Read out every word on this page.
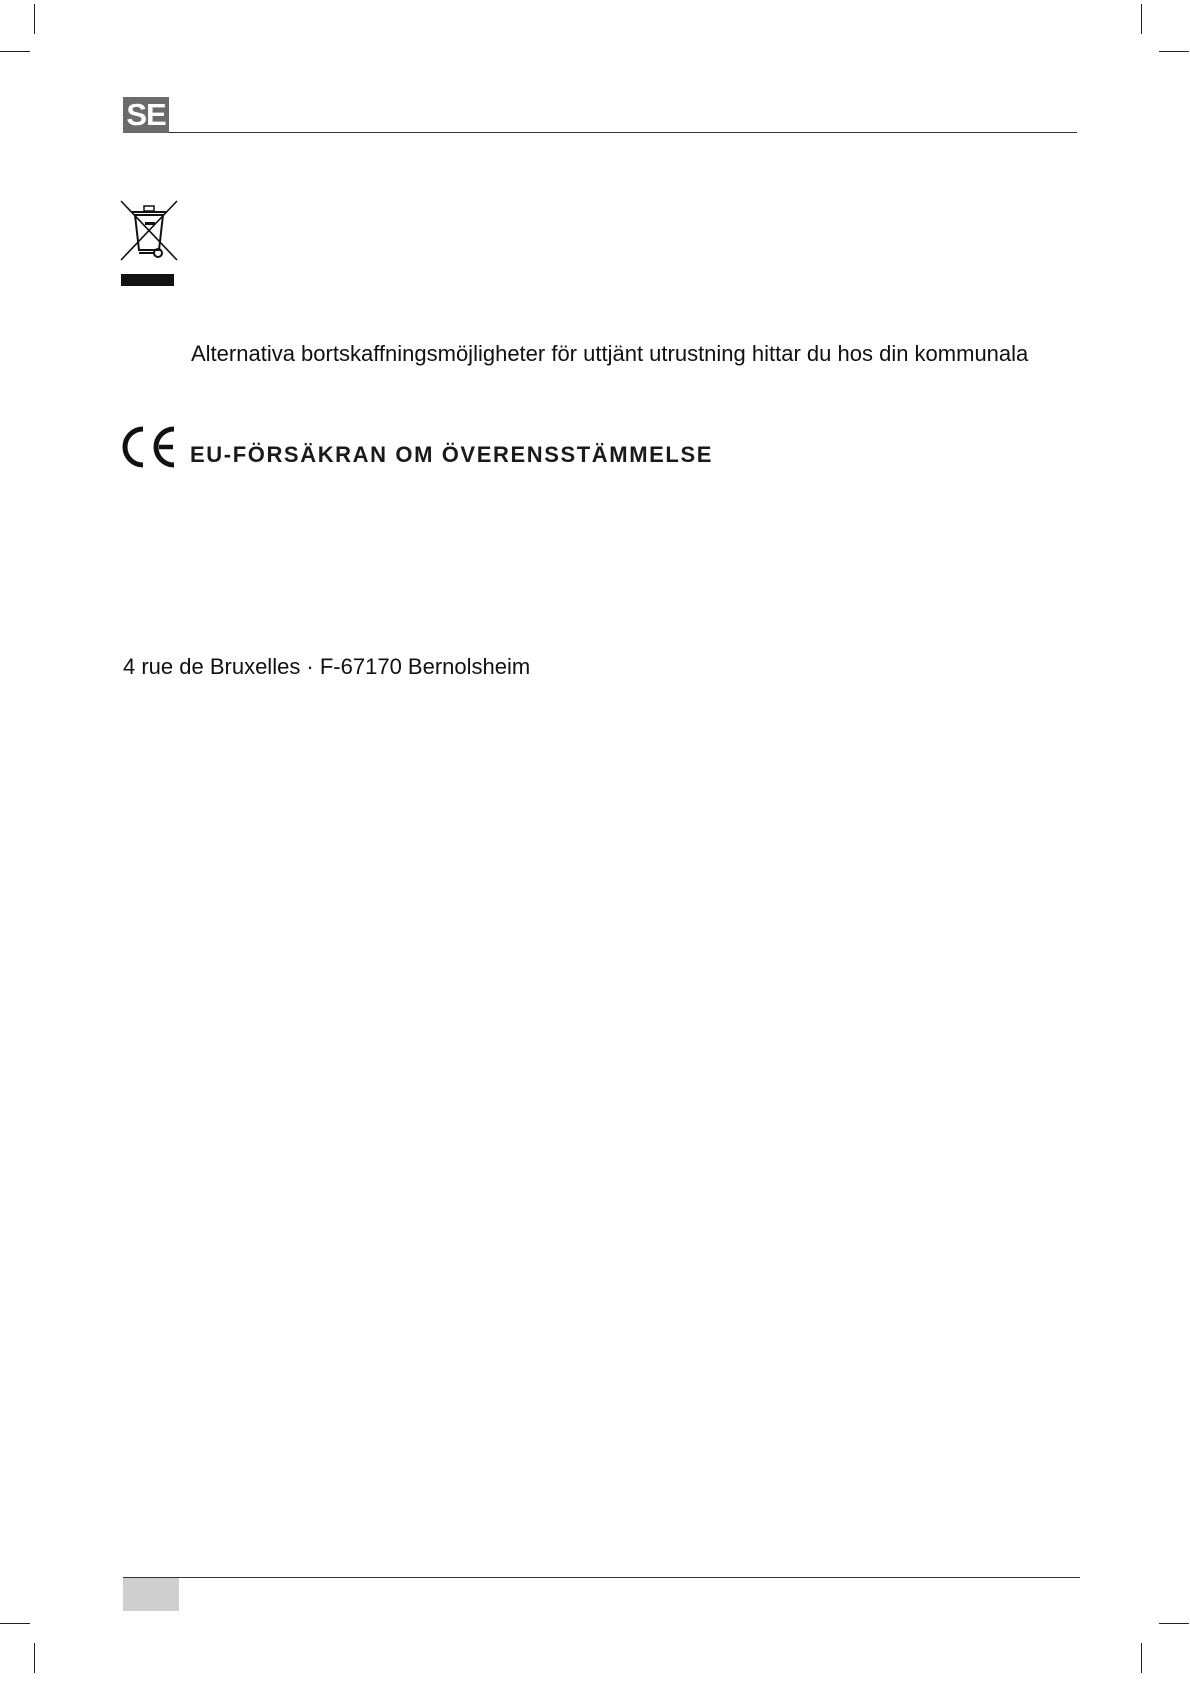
SE
Alternativa bortskaffningsmöjligheter för uttjänt utrustning hittar du hos din kommunala
EU-FÖRSÄKRAN OM ÖVERENSSTÄMMELSE
4 rue de Bruxelles · F-67170 Bernolsheim
